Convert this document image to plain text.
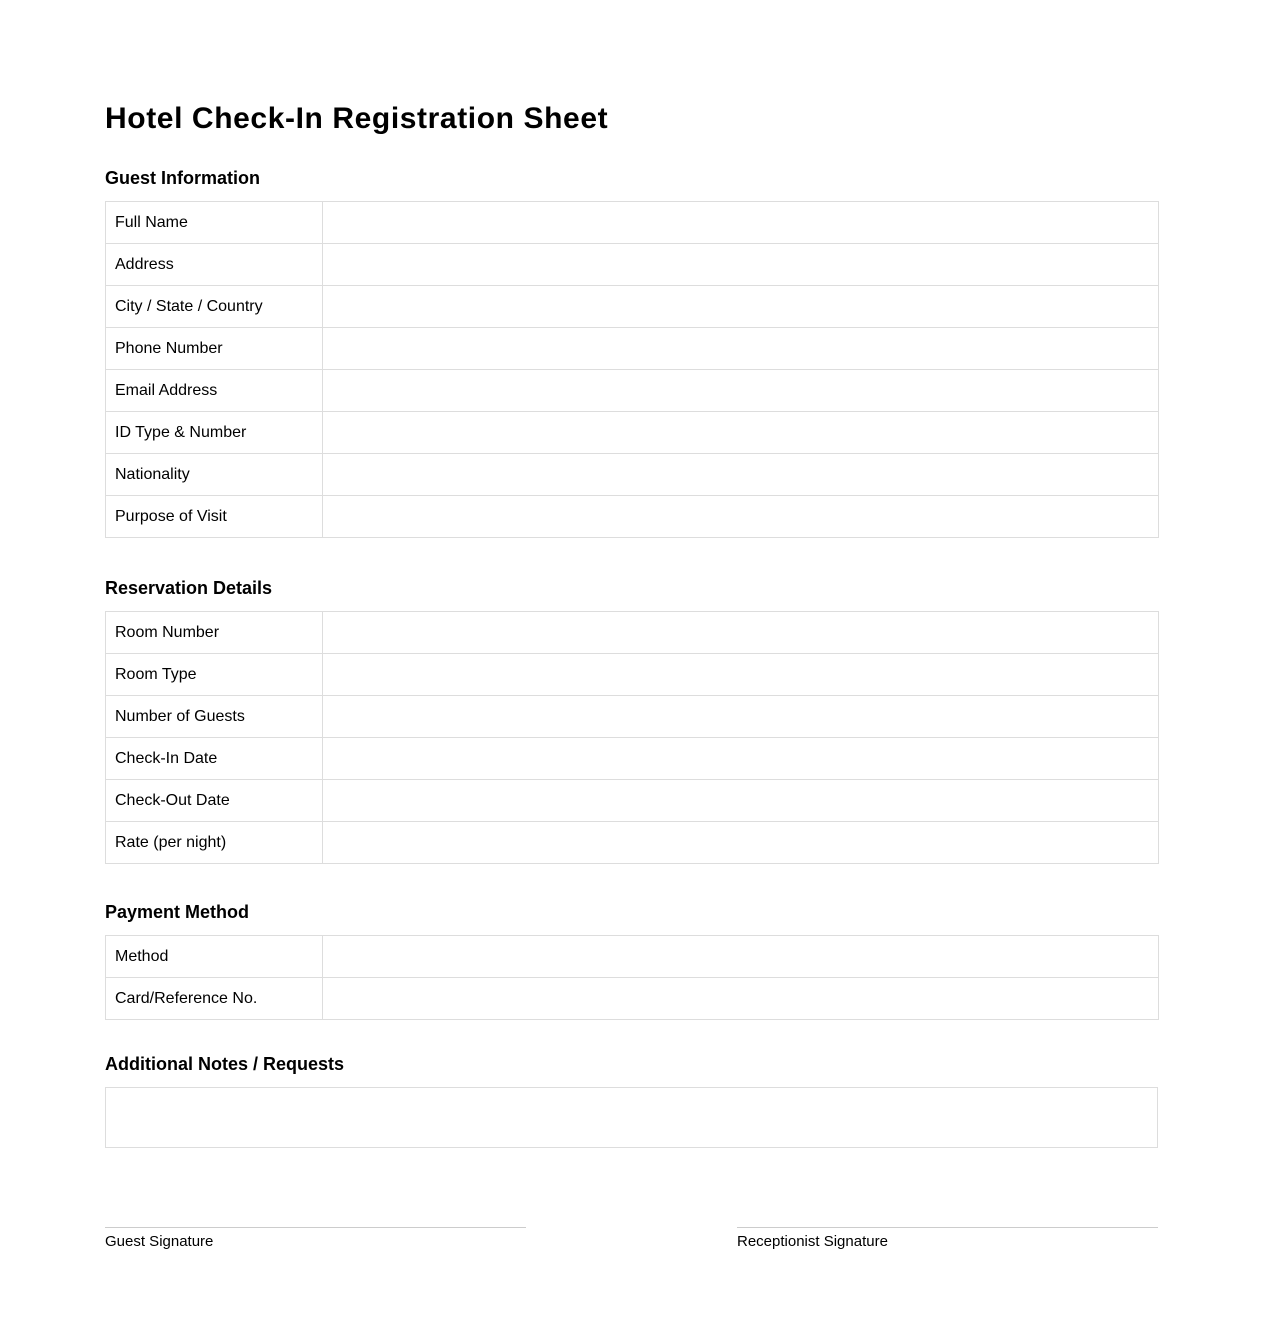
Hotel Check-In Registration Sheet
Guest Information
Full Name	
Address	
City / State / Country	
Phone Number	
Email Address	
ID Type & Number	
Nationality	
Purpose of Visit	
Reservation Details
Room Number	
Room Type	
Number of Guests	
Check-In Date	
Check-Out Date	
Rate (per night)	
Payment Method
Method	
Card/Reference No.	
Additional Notes / Requests
Guest Signature	Receptionist Signature
